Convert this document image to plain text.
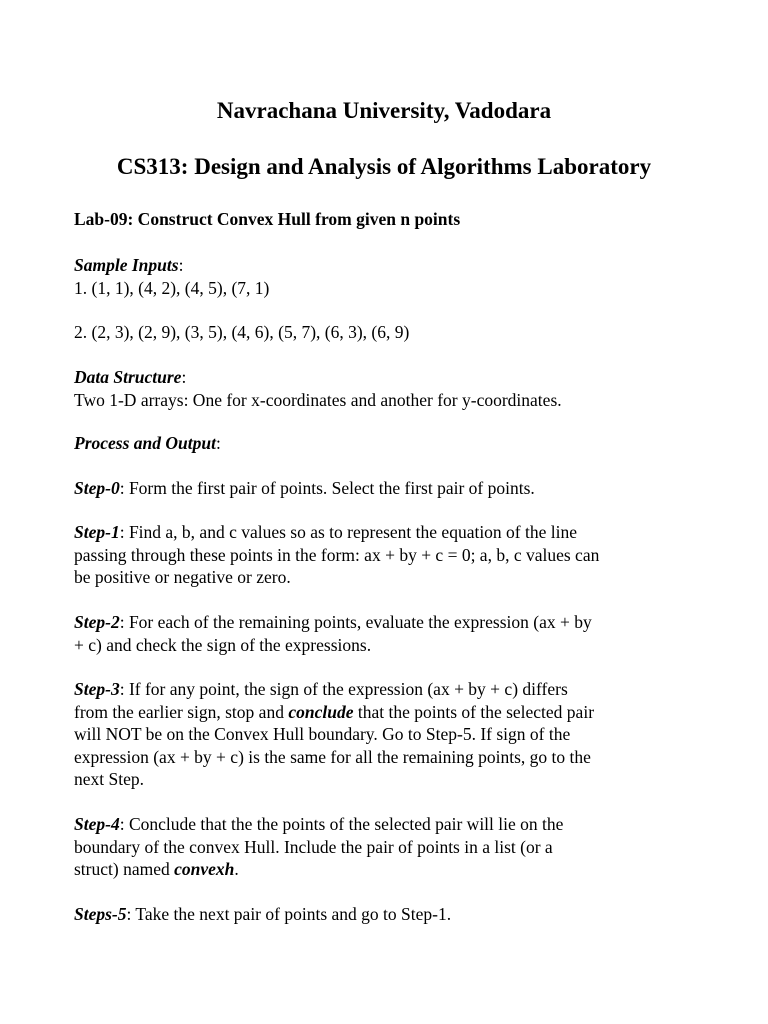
Navrachana University, Vadodara
CS313: Design and Analysis of Algorithms Laboratory
Lab-09: Construct Convex Hull from given n points
Sample Inputs:
1. (1, 1), (4, 2), (4, 5), (7, 1)
2. (2, 3), (2, 9), (3, 5), (4, 6), (5, 7), (6, 3), (6, 9)
Data Structure:
Two 1-D arrays: One for x-coordinates and another for y-coordinates.
Process and Output:
Step-0: Form the first pair of points. Select the first pair of points.
Step-1: Find a, b, and c values so as to represent the equation of the line
passing through these points in the form: ax + by + c = 0; a, b, c values can
be positive or negative or zero.
Step-2: For each of the remaining points, evaluate the expression (ax + by
+ c) and check the sign of the expressions.
Step-3: If for any point, the sign of the expression (ax + by + c) differs
from the earlier sign, stop and conclude that the points of the selected pair
will NOT be on the Convex Hull boundary. Go to Step-5. If sign of the
expression (ax + by + c) is the same for all the remaining points, go to the
next Step.
Step-4: Conclude that the the points of the selected pair will lie on the
boundary of the convex Hull. Include the pair of points in a list (or a
struct) named convexh.
Steps-5: Take the next pair of points and go to Step-1.
